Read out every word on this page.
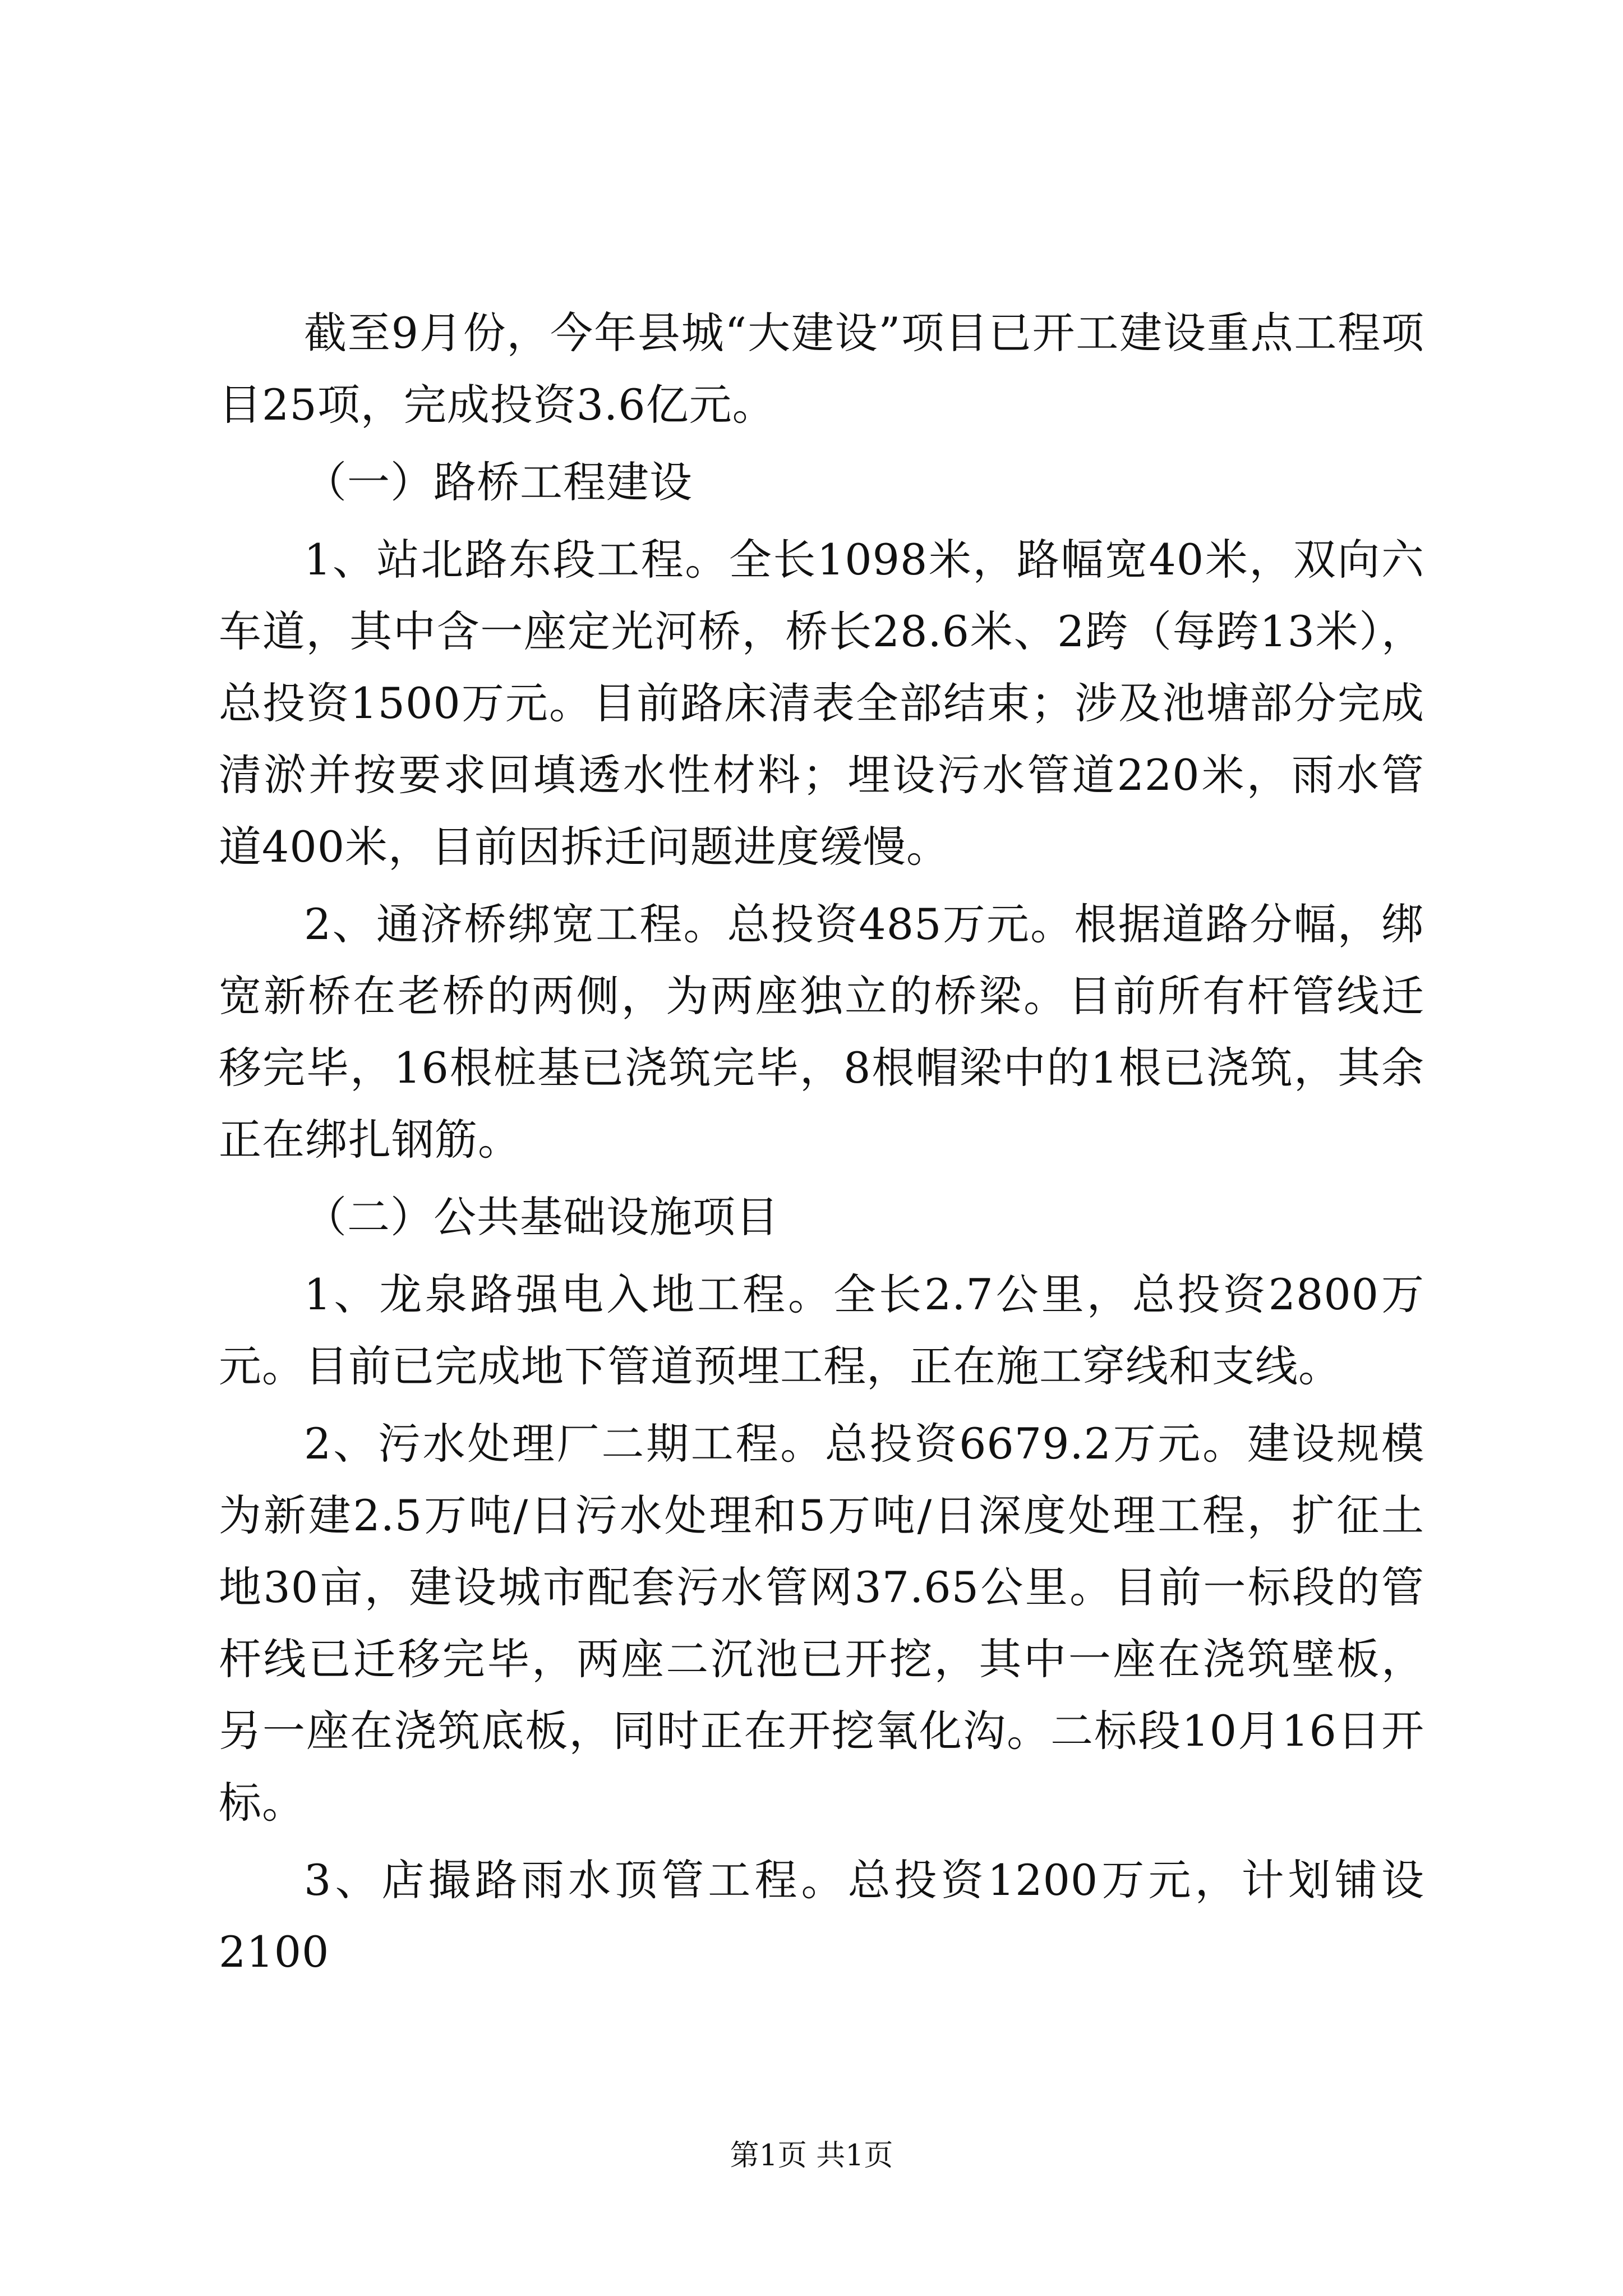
截至9月份，今年县城“大建设”项目已开工建设重点工程项目25项，完成投资3.6亿元。

（一）路桥工程建设

1、站北路东段工程。全长1098米，路幅宽40米，双向六车道，其中含一座定光河桥，桥长28.6米、2跨（每跨13米），总投资1500万元。目前路床清表全部结束；涉及池塘部分完成清淤并按要求回填透水性材料；埋设污水管道220米，雨水管道400米，目前因拆迁问题进度缓慢。

2、通济桥绑宽工程。总投资485万元。根据道路分幅，绑宽新桥在老桥的两侧，为两座独立的桥梁。目前所有杆管线迁移完毕，16根桩基已浇筑完毕，8根帽梁中的1根已浇筑，其余正在绑扎钢筋。

（二）公共基础设施项目

1、龙泉路强电入地工程。全长2.7公里，总投资2800万元。目前已完成地下管道预埋工程，正在施工穿线和支线。

2、污水处理厂二期工程。总投资6679.2万元。建设规模为新建2.5万吨/日污水处理和5万吨/日深度处理工程，扩征土地30亩，建设城市配套污水管网37.65公里。目前一标段的管杆线已迁移完毕，两座二沉池已开挖，其中一座在浇筑壁板，另一座在浇筑底板，同时正在开挖氧化沟。二标段10月16日开标。

3、店撮路雨水顶管工程。总投资1200万元，计划铺设2100

第1页 共1页
